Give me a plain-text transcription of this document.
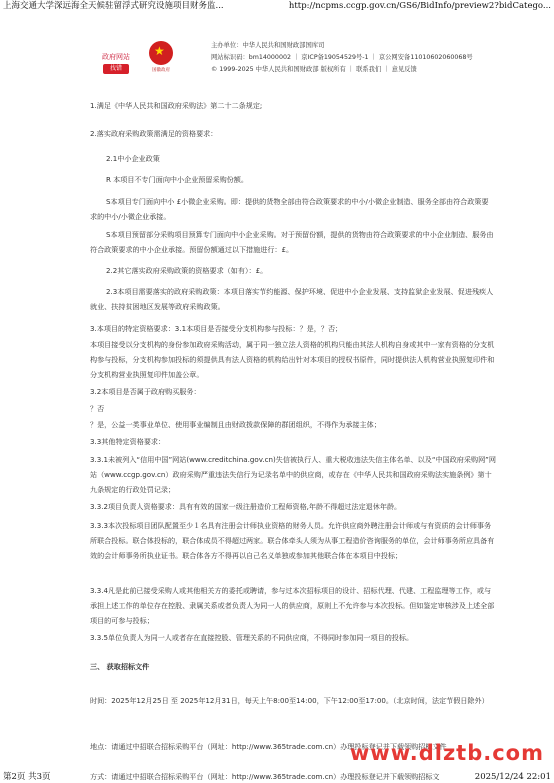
上海交通大学深远海全天候驻留浮式研究设施项目财务监...	http://ncpms.ccgp.gov.cn/GS6/BidInfo/preview2?bidCatego...
政府网站
找错
★
国徽政府
主办单位：中华人民共和国财政部国库司
网站标识码：bm14000002 ｜ 京ICP备19054529号-1 ｜ 京公网安备11010602060068号
© 1999-2025 中华人民共和国财政部 版权所有 ｜ 联系我们 ｜ 意见反馈

1.满足《中华人民共和国政府采购法》第二十二条规定;

2.落实政府采购政策需满足的资格要求：

2.1中小企业政策

R 本项目不专门面向中小企业预留采购份额。

S本项目专门面向中小 £小微企业采购。即：提供的货物全部由符合政策要求的中小/小微企业制造、服务全部由符合政策要求的中小/小微企业承接。

S本项目预留部分采购项目预算专门面向中小企业采购。对于预留份额，提供的货物由符合政策要求的中小企业制造、服务由符合政策要求的中小企业承接。预留份额通过以下措施进行：£。

2.2其它落实政府采购政策的资格要求（如有）：£。

2.3本项目需要落实的政府采购政策：本项目落实节约能源、保护环境、促进中小企业发展、支持监狱企业发展、促进残疾人就业、扶持贫困地区发展等政府采购政策。

3.本项目的特定资格要求：3.1本项目是否接受分支机构参与投标：？是，？否；

本项目接受以分支机构的身份参加政府采购活动，属于同一独立法人资格的机构只能由其法人机构自身或其中一家有资格的分支机构参与投标，分支机构参加投标的须提供具有法人资格的机构给出针对本项目的授权书原件，同时提供法人机构营业执照复印件和分支机构营业执照复印件加盖公章。

3.2本项目是否属于政府购买服务：

？否

？是，公益一类事业单位、使用事业编制且由财政拨款保障的群团组织，不得作为承接主体；

3.3其他特定资格要求：

3.3.1未被列入“信用中国”网站(www.creditchina.gov.cn)失信被执行人、重大税收违法失信主体名单、以及“中国政府采购网”网站（www.ccgp.gov.cn）政府采购严重违法失信行为记录名单中的供应商，或存在《中华人民共和国政府采购法实施条例》第十九条规定的行政处罚记录；

3.3.2项目负责人资格要求：具有有效的国家一级注册造价工程师资格,年龄不得超过法定退休年龄。

3.3.3本次投标项目团队配置至少１名具有注册会计师执业资格的财务人员。允许供应商外聘注册会计师或与有资质的会计师事务所联合投标。联合体投标的，联合体成员不得超过两家。联合体牵头人须为从事工程造价咨询服务的单位，会计师事务所应具备有效的会计师事务所执业证书。联合体各方不得再以自己名义单独或参加其他联合体在本项目中投标；

3.3.4凡是此前已接受采购人或其他相关方的委托或聘请，参与过本次招标项目的设计、招标代理、代建、工程监理等工作，或与承担上述工作的单位存在控股、隶属关系或者负责人为同一人的供应商，原则上不允许参与本次投标。但如鉴定审核涉及上述全部项目的可参与投标；

3.3.5单位负责人为同一人或者存在直接控股、管理关系的不同供应商，不得同时参加同一项目的投标。

三、 获取招标文件

时间：2025年12月25日 至 2025年12月31日，每天上午8:00至14:00，下午12:00至17:00。（北京时间，法定节假日除外）

地点：请通过中招联合招标采购平台（网址：http://www.365trade.com.cn）办理投标登记并下载领购招标文件

方式：请通过中招联合招标采购平台（网址：http://www.365trade.com.cn）办理投标登记并下载领购招标文

www.dlztb.com
第2页 共3页	2025/12/24 22:01
